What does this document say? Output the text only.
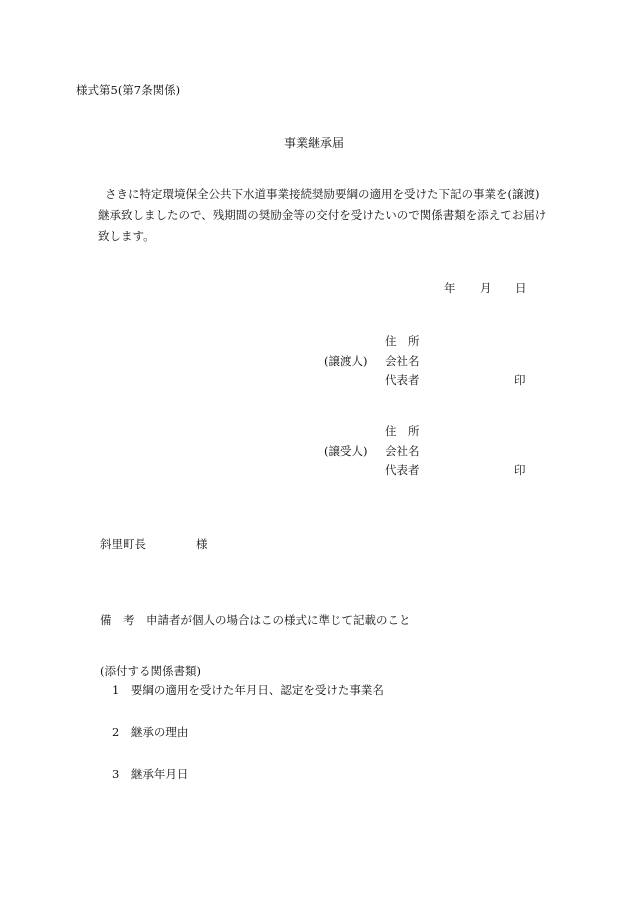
様式第5(第7条関係)
事業継承届
さきに特定環境保全公共下水道事業接続奨励要綱の適用を受けた下記の事業を(譲渡)
継承致しましたので、残期間の奨励金等の交付を受けたいので関係書類を添えてお届け
致します。
年 月 日
住　所
(譲渡人) 会社名
代表者	印
住　所
(譲受人) 会社名
代表者	印
斜里町長	様
備　考　申請者が個人の場合はこの様式に準じて記載のこと
(添付する関係書類)
1　要綱の適用を受けた年月日、認定を受けた事業名
2　継承の理由
3　継承年月日
